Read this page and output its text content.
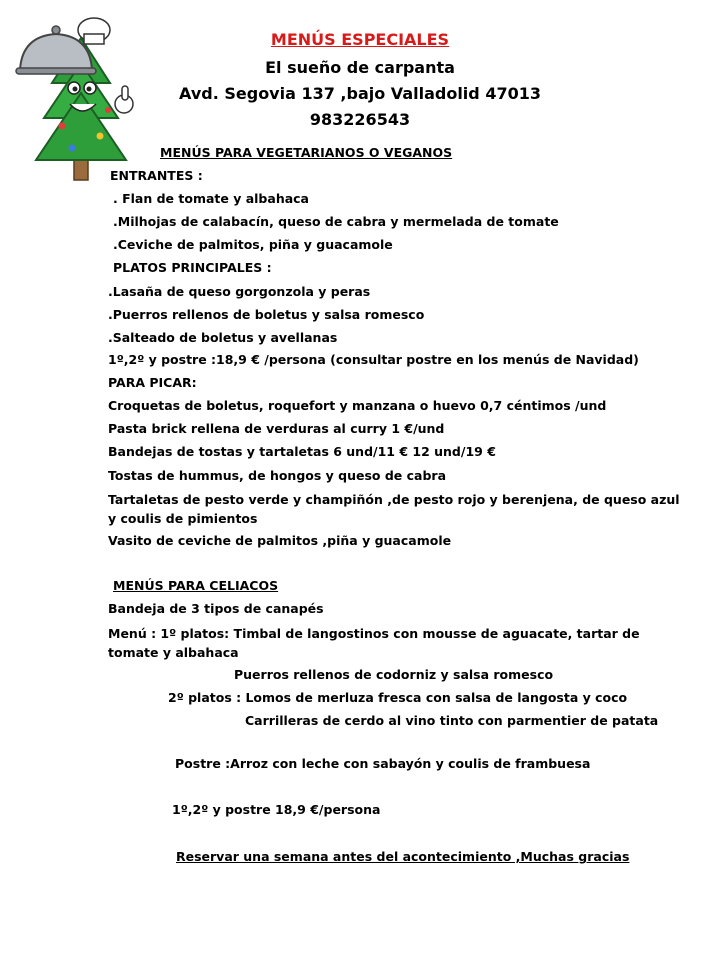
MENÚS ESPECIALES
El sueño de carpanta
Avd. Segovia 137 ,bajo Valladolid 47013
983226543
MENÚS PARA VEGETARIANOS O VEGANOS
ENTRANTES :
. Flan de tomate y albahaca
.Milhojas de calabacín, queso de cabra y mermelada de tomate
.Ceviche de palmitos, piña y guacamole
PLATOS PRINCIPALES :
.Lasaña de queso gorgonzola y peras
.Puerros rellenos de boletus y salsa romesco
.Salteado de boletus y avellanas
1º,2º y postre :18,9 € /persona (consultar postre en los menús de Navidad)
PARA PICAR:
Croquetas de boletus, roquefort y manzana o huevo 0,7 céntimos /und
Pasta brick rellena de verduras al curry 1 €/und
Bandejas de tostas y tartaletas 6 und/11 € 12 und/19 €
Tostas de hummus, de hongos y queso de cabra
Tartaletas de pesto verde y champiñón ,de pesto rojo y berenjena, de queso azul y coulis de pimientos
Vasito de ceviche de palmitos ,piña y guacamole
MENÚS PARA CELIACOS
Bandeja de 3 tipos de canapés
Menú : 1º platos: Timbal de langostinos con mousse de aguacate, tartar de tomate y albahaca
Puerros rellenos de codorniz y salsa romesco
2º platos : Lomos de merluza fresca con salsa de langosta y coco
Carrilleras de cerdo al vino tinto con parmentier de patata
Postre :Arroz con leche con sabayón y coulis de frambuesa
1º,2º y postre 18,9 €/persona
Reservar una semana antes del acontecimiento ,Muchas gracias
